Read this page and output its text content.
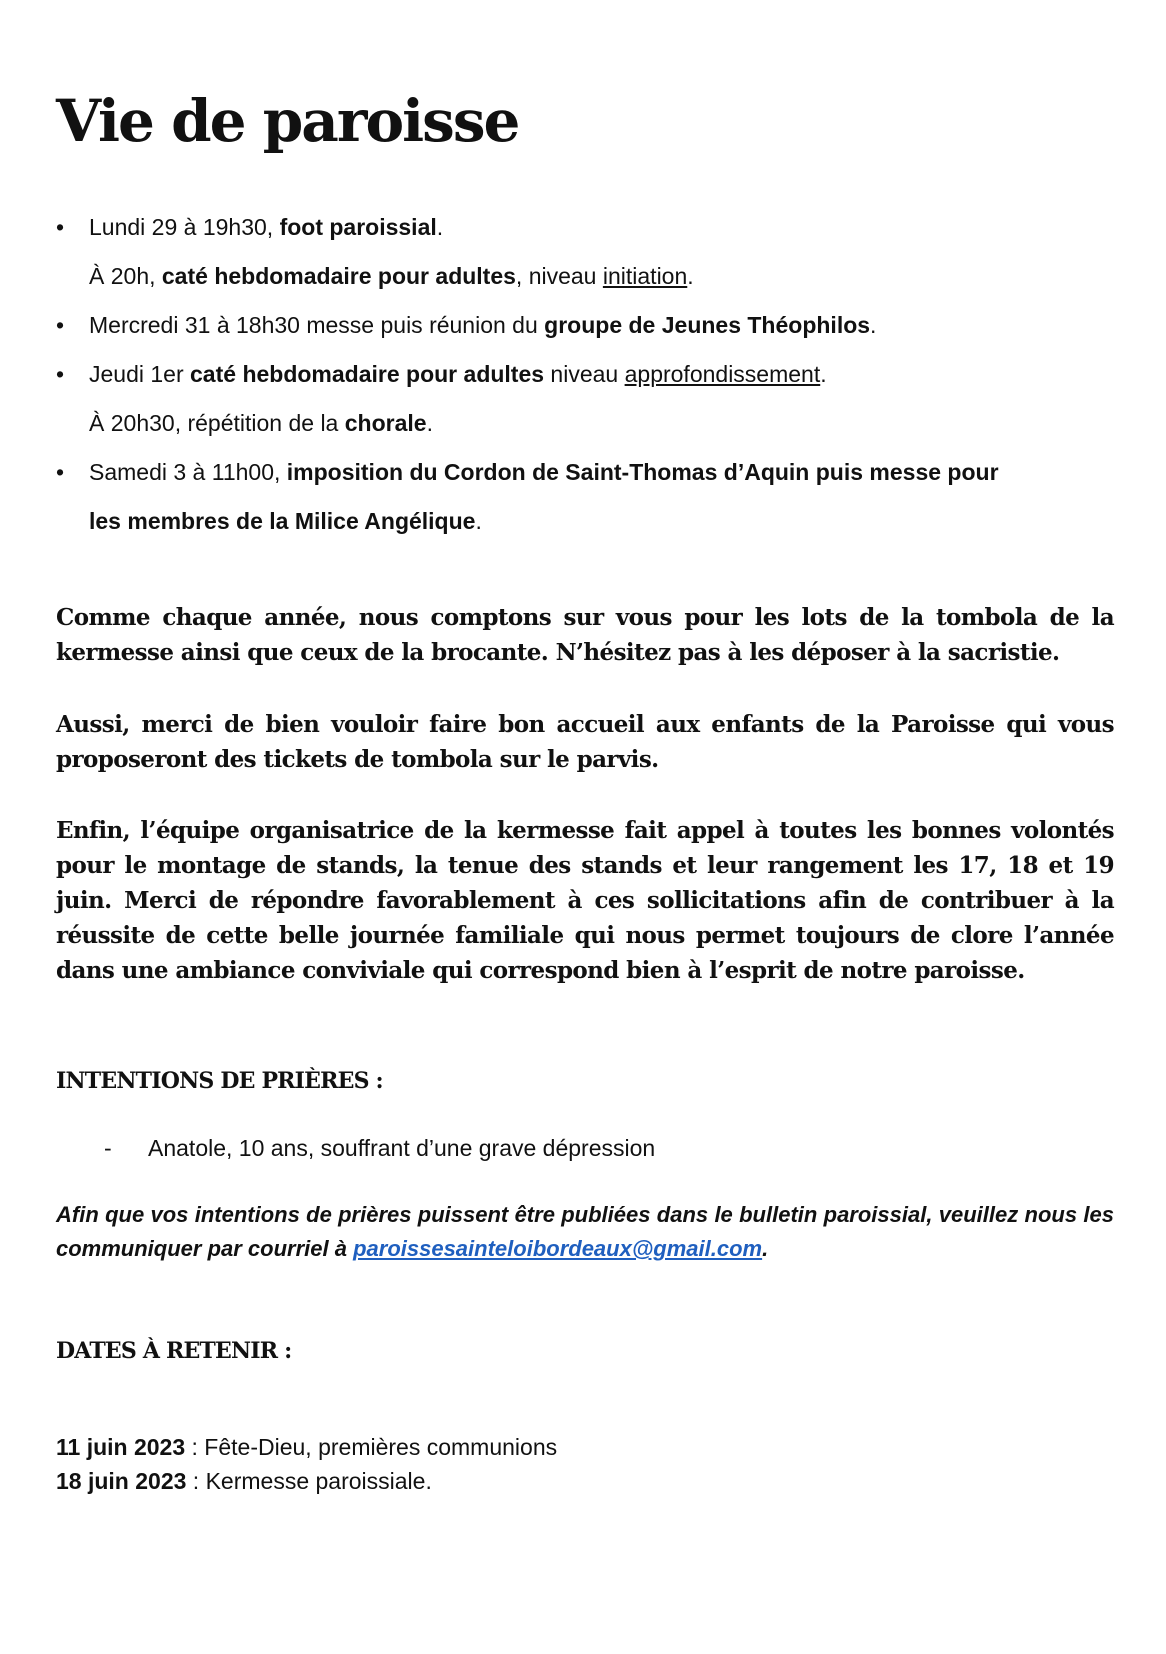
Vie de paroisse
• Lundi 29 à 19h30, foot paroissial.
À 20h, caté hebdomadaire pour adultes, niveau initiation.
• Mercredi 31 à 18h30 messe puis réunion du groupe de Jeunes Théophilos.
• Jeudi 1er caté hebdomadaire pour adultes niveau approfondissement.
À 20h30, répétition de la chorale.
• Samedi 3 à 11h00, imposition du Cordon de Saint-Thomas d’Aquin puis messe pour
les membres de la Milice Angélique.

Comme chaque année, nous comptons sur vous pour les lots de la tombola de la kermesse ainsi que ceux de la brocante. N’hésitez pas à les déposer à la sacristie.

Aussi, merci de bien vouloir faire bon accueil aux enfants de la Paroisse qui vous proposeront des tickets de tombola sur le parvis.

Enfin, l’équipe organisatrice de la kermesse fait appel à toutes les bonnes volontés pour le montage de stands, la tenue des stands et leur rangement les 17, 18 et 19 juin. Merci de répondre favorablement à ces sollicitations afin de contribuer à la réussite de cette belle journée familiale qui nous permet toujours de clore l’année dans une ambiance conviviale qui correspond bien à l’esprit de notre paroisse.

INTENTIONS DE PRIÈRES :

- Anatole, 10 ans, souffrant d’une grave dépression

Afin que vos intentions de prières puissent être publiées dans le bulletin paroissial, veuillez nous les communiquer par courriel à paroissesainteloibordeaux@gmail.com.

DATES À RETENIR :

11 juin 2023 : Fête-Dieu, premières communions
18 juin 2023 : Kermesse paroissiale.
